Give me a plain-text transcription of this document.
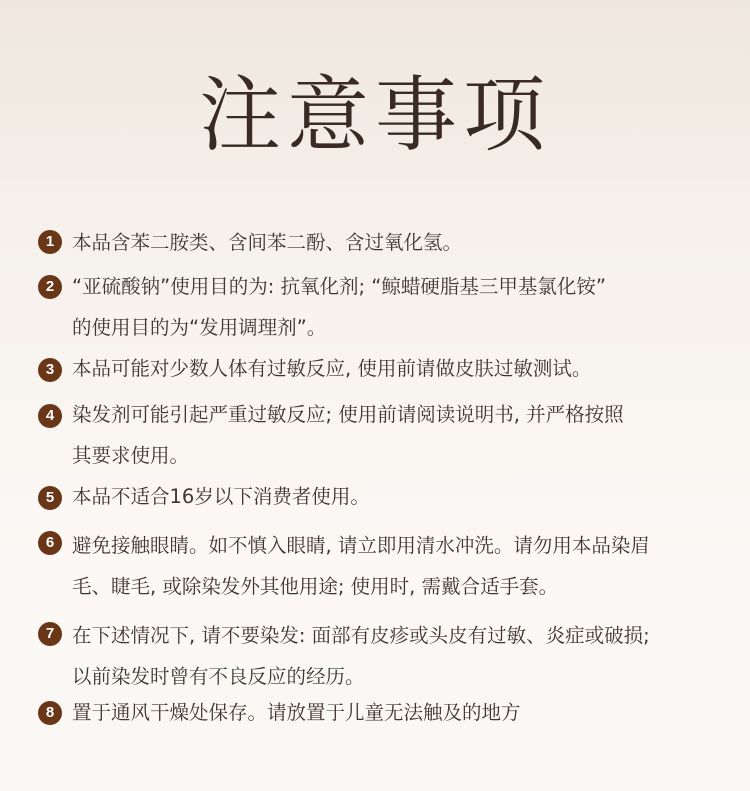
注意事项
1 本品含苯二胺类、含间苯二酚、含过氧化氢。
2 “亚硫酸钠”使用目的为: 抗氧化剂; “鲸蜡硬脂基三甲基氯化铵”
的使用目的为“发用调理剂”。
3 本品可能对少数人体有过敏反应, 使用前请做皮肤过敏测试。
4 染发剂可能引起严重过敏反应; 使用前请阅读说明书, 并严格按照
其要求使用。
5 本品不适合16岁以下消费者使用。
6 避免接触眼睛。如不慎入眼睛, 请立即用清水冲洗。请勿用本品染眉
毛、睫毛, 或除染发外其他用途; 使用时, 需戴合适手套。
7 在下述情况下, 请不要染发: 面部有皮疹或头皮有过敏、炎症或破损;
以前染发时曾有不良反应的经历。
8 置于通风干燥处保存。请放置于儿童无法触及的地方
